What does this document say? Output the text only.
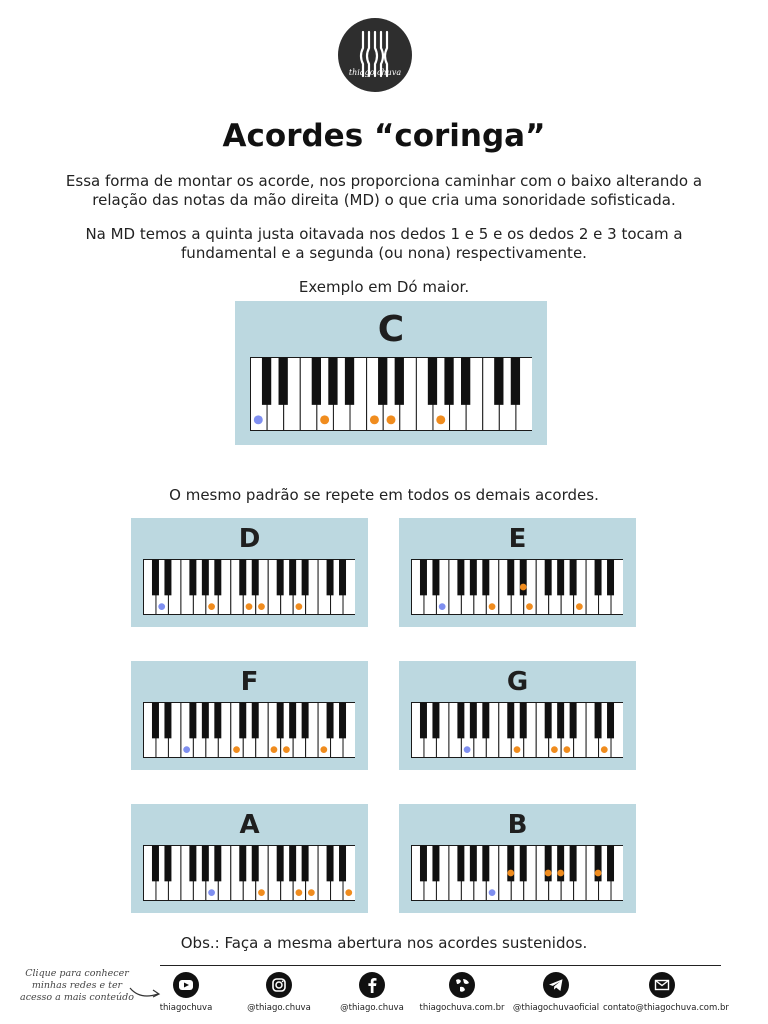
thiago chuva
Acordes “coringa”
Essa forma de montar os acorde, nos proporciona caminhar com o baixo alterando a relação das notas da mão direita (MD) o que cria uma sonoridade sofisticada.
Na MD temos a quinta justa oitavada nos dedos 1 e 5 e os dedos 2 e 3 tocam a fundamental e a segunda (ou nona) respectivamente.
Exemplo em Dó maior.
C
O mesmo padrão se repete em todos os demais acordes.
D	E
F	G
A	B
Obs.: Faça a mesma abertura nos acordes sustenidos.
Clique para conhecer minhas redes e ter acesso a mais conteúdo
thiagochuva	@thiago.chuva	@thiago.chuva	thiagochuva.com.br @thiagochuvaoficial contato@thiagochuva.com.br
